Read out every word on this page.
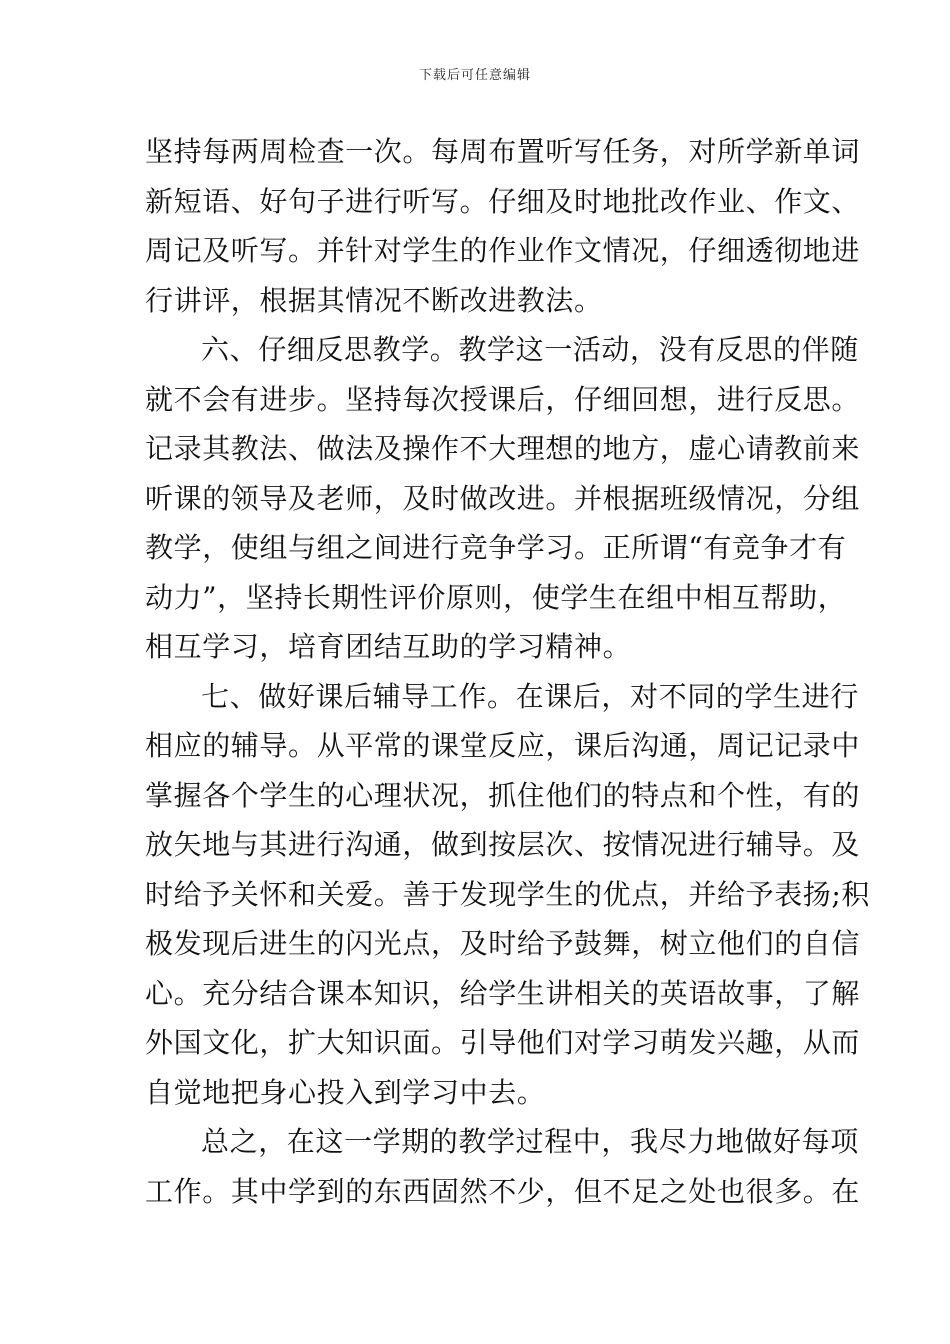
下载后可任意编辑
坚持每两周检查一次。每周布置听写任务，对所学新单词
新短语、好句子进行听写。仔细及时地批改作业、作文、
周记及听写。并针对学生的作业作文情况，仔细透彻地进
行讲评，根据其情况不断改进教法。
六、仔细反思教学。教学这一活动，没有反思的伴随
就不会有进步。坚持每次授课后，仔细回想，进行反思。
记录其教法、做法及操作不大理想的地方，虚心请教前来
听课的领导及老师，及时做改进。并根据班级情况，分组
教学，使组与组之间进行竞争学习。正所谓“有竞争才有
动力”，坚持长期性评价原则，使学生在组中相互帮助，
相互学习，培育团结互助的学习精神。
七、做好课后辅导工作。在课后，对不同的学生进行
相应的辅导。从平常的课堂反应，课后沟通，周记记录中
掌握各个学生的心理状况，抓住他们的特点和个性，有的
放矢地与其进行沟通，做到按层次、按情况进行辅导。及
时给予关怀和关爱。善于发现学生的优点，并给予表扬;积
极发现后进生的闪光点，及时给予鼓舞，树立他们的自信
心。充分结合课本知识，给学生讲相关的英语故事，了解
外国文化，扩大知识面。引导他们对学习萌发兴趣，从而
自觉地把身心投入到学习中去。
总之，在这一学期的教学过程中，我尽力地做好每项
工作。其中学到的东西固然不少，但不足之处也很多。在
